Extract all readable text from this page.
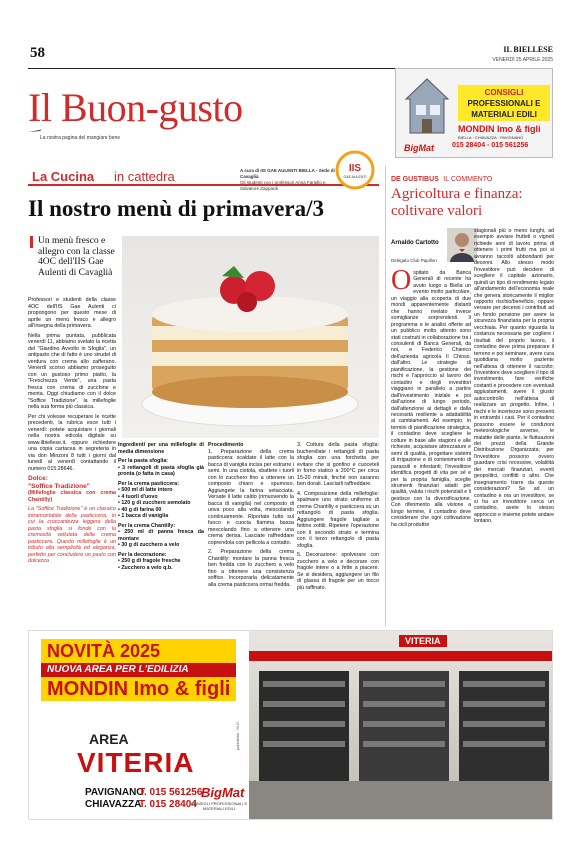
58	IL BIELLESE
VENERDÌ 25 APRILE 2025
Il Buon-gusto
La nostra pagina del mangiare bene
CONSIGLI
PROFESSIONALI E
MATERIALI EDILI
MONDIN Imo & figli
BIELLA · CHIAVAZZA · PAVIGNANO
BigMat	015 28404 - 015 561256
La Cucina in cattedra	A cura di IIS GAE AULENTI BIELLA - Sede di Cavaglià
Gli studenti con i professori Anna Fariello e Salvatore Zappardi
IIS
GAE AULENTI
Il nostro menù di primavera/3
Un menù fresco e allegro con la classe 4OC dell'IIS Gae Aulenti di Cavaglià

Professori e studenti della classe 4OC dell'IIS Gae Aulenti ci propongono per questo mese di aprile un menù fresco e allegro all'insegna della primavera.

Nella prima puntata, pubblicata venerdì 11, abbiamo svelato la ricetta del "Giardino Avvolto in Sfoglia", un antipasto che di fatto è uno strudel di verdura con crema allo zafferano. Venerdì scorso abbiamo proseguito con un gustoso primo piatto, la "Freschezza Verde", una pasta fresca con crema di zucchine e menta. Oggi chiudiamo con il dolce "Soffice Tradizione", la millefoglie nella sua forma più classica.

Per chi volesse recuperare le ricette precedenti, la rubrica esce tutti i venerdì: potete acquistare i giornali nella nostra edicola digitale su www.ilbiellese.it, oppure richiedere una copia cartacea in segreteria in via don Minzoni 8 tutti i giorni dal lunedì al venerdì contattando il numero 015.28646.

Dolce:
"Soffice Tradizione"
(Millefoglie classica con crema Chantilly)

La "Soffice Tradizione" è un classico intramontabile della pasticceria, in cui la croccantezza leggera della pasta sfoglia si fonde con la cremosità vellutata della crema pasticcera. Questo millefoglie è un tributo alla semplicità ed eleganza, perfetto per concludere un pasto con dolcezza

Ingredienti per una millefoglie di media dimensione

Per la pasta sfoglia:

• 3 rettangoli di pasta sfoglia già pronta (o fatta in casa)

Per la crema pasticcera:
• 500 ml di latte intero
• 4 tuorli d'uovo
• 120 g di zucchero semolato
• 40 g di farina 00

• 1 bacca di vaniglia

Per la crema Chantilly:
• 250 ml di panna fresca da montare

• 30 g di zucchero a velo

Per la decorazione:
• 250 g di fragole fresche
• Zucchero a velo q.b.
Procedimento

1. Preparazione della crema pasticcera: scaldate il latte con la bacca di vaniglia incisa per estrarre i semi. In una ciotola, sbattete i tuorli con lo zucchero fino a ottenere un composto chiaro e spumoso. Aggiungete la farina setacciata. Versate il latte caldo (rimuovendo la bacca di vaniglia) nel composto di uova poco alla volta, mescolando continuamente. Riportate tutto sul fuoco e cuocia fiamma bassa mescolando fino a ottenere una crema densa. Lasciate raffreddare coprendola con pellicola a contatto.

2. Preparazione della crema Chantilly: montare la panna fresca ben fredda con lo zucchero a velo fino a ottenere una consistenza soffice. Incorporarla delicatamente alla crema pasticcera ormai fredda.

3. Cottura della pasta sfoglia: bucherellate i rettangoli di pasta sfoglia con una forchetta per evitare che si gonfino e cuoceteli in forno statico a 200°C per circa 15-20 minuti, finché non saranno ben dorati. Lasciarli raffreddare.

4. Composizione della millefoglie: spalmare uno strato uniforme di crema Chantilly e pasticcera su un rettangolo di pasta sfoglia. Aggiungere fragole tagliate a fettine sottili. Ripetere l'operazione con il secondo strato e termina con il terzo rettangolo di pasta sfoglia.

5. Decorazione: spolverare con zucchero a velo e decorare con fragole intere o a fette a piacere. Se si desidera, aggiungere un filo di glassa di fragole per un tocco più raffinato.

DE GUSTIBUS IL COMMENTO
Agricoltura e finanza: coltivare valori
Arnaldo Cartotto
Delegato Club Papillon
O spitato da Banca Generali di recente ha avuto luogo a Biella un evento molto particolare, un viaggio alla scoperta di due mondi apparentemente distanti che hanno rivelato invece somiglianze sorprendenti. Il programma e le analisi offerte ad un pubblico molto attento sono stati costruiti in collaborazione tra i consulenti di Banca Generali, da noi, e Federico Chierico dell'azienda agricola Il Chioso, dall'altro. Le strategie di pianificazione, la gestione dei rischi e l'approccio al lavoro dei contadini e degli investitori viaggiano in parallelo a partire dall'investimento iniziale e poi dall'azione di lungo periodo, dall'attenzione ai dettagli e dalla necessità resiliente a adattabilità ai cambiamenti. Ad esempio, in termini di pianificazione strategica, il contadino deve scegliere le colture in base alle stagioni e alle richieste, acquistare attrezzature e semi di qualità, progettare sistemi di irrigazione e di contenimento di parassiti e infestanti; l'investitore identifica progetti di vita per sé e per la propria famiglia, sceglie strumenti finanziari adatti per qualità, valuta i rischi potenziali e li gestisce con la diversificazione. Con riferimento alla visione a lungo termine, il contadino deve considerare che ogni coltivazione ha cicli produttivi
stagionali più o meno lunghi, ad esempio avviare frutteti o vigneti richiede anni di lavoro prima di ottenere i primi frutti ma poi si avranno raccolti abbondanti per decenni. Allo stesso modo l'investitore può decidere di scegliere il capitale azionario, quindi un tipo di rendimento legato all'andamento dell'economia reale che genera storicamente il miglior rapporto rischio/beneficio, oppure versare per decenni i contributi ad un fondo pensione per avere la sicurezza finanziaria per la propria vecchiaia. Per quanto riguarda la costanza necessaria per cogliere i risultati del proprio lavoro, il contadino deve prima preparare il terreno e poi seminare, avere cura quotidiana molto paziente nell'attesa di ottenere il raccolto; l'investitore deve scegliere il tipo di investimento, fare verifiche costanti e procedere con eventuali aggiustamenti, avere il giusto autocontrollo nell'attesa di realizzare un progetto. Infine, i rischi e le incertezze sono presenti in entrambi i casi. Per il contadino possono essere le condizioni meteorologiche avverse, le malattie delle piante, le fluttuazioni dei prezzi della Grande Distribuzione Organizzata; per l'investitore possono ovvero guardare crisi recessive, volatilità dei mercati finanziari, eventi geopolitici, conflitti o altro. Che insegnamento trarre da queste considerazioni? Se ad un contadino e ora un investitore, se si ha un investitore cerca un contadino, avete lo stesso approccio e insieme potete andare lontano.
NOVITÀ 2025
NUOVA AREA PER L'EDILIZIA
MONDIN Imo & figli
AREA
VITERIA
PAVIGNANO
CHIAVAZZA
T. 015 561256
T. 015 28404
BigMat
CONSIGLI PROFESSIONALI E MATERIALI EDILI
pubblicità · M.G.
VITERIA
